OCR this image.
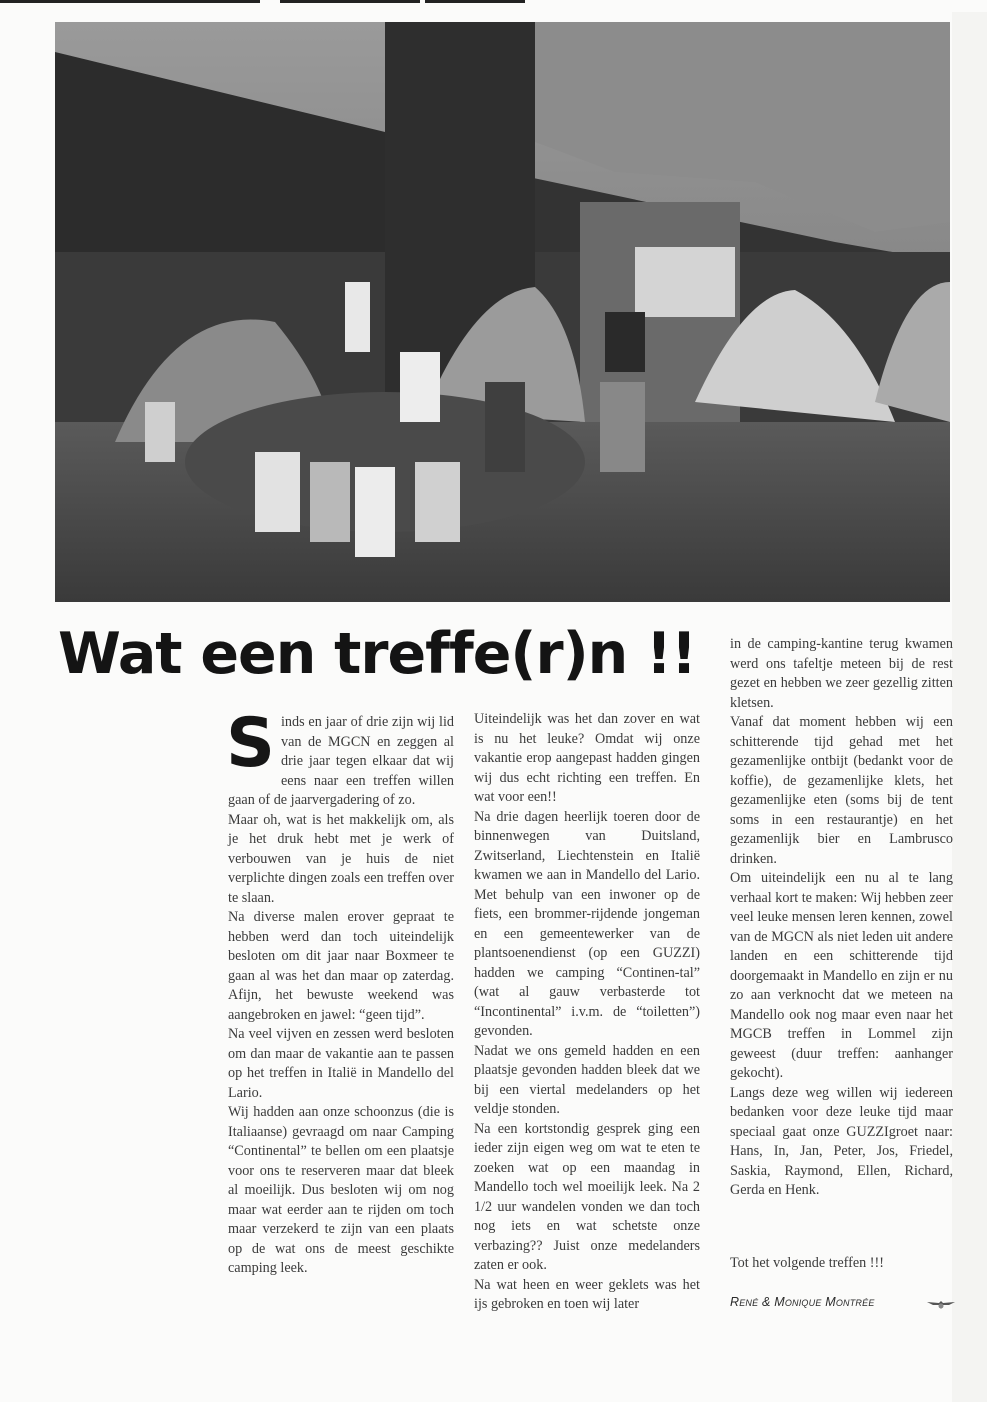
Wat een treffe(r)n !!

Sinds en jaar of drie zijn wij lid van de MGCN en zeggen al drie jaar tegen elkaar dat wij eens naar een treffen willen gaan of de jaarvergadering of zo.

Maar oh, wat is het makkelijk om, als je het druk hebt met je werk of verbouwen van je huis de niet verplichte dingen zoals een treffen over te slaan.

Na diverse malen erover gepraat te hebben werd dan toch uiteindelijk besloten om dit jaar naar Boxmeer te gaan al was het dan maar op zaterdag. Afijn, het bewuste weekend was aangebroken en jawel: “geen tijd”.

Na veel vijven en zessen werd besloten om dan maar de vakantie aan te passen op het treffen in Italië in Mandello del Lario.

Wij hadden aan onze schoonzus (die is Italiaanse) gevraagd om naar Camping “Continental” te bellen om een plaatsje voor ons te reserveren maar dat bleek al moeilijk. Dus besloten wij om nog maar wat eerder aan te rijden om toch maar verzekerd te zijn van een plaats op de wat ons de meest geschikte camping leek.

Uiteindelijk was het dan zover en wat is nu het leuke? Omdat wij onze vakantie erop aangepast hadden gingen wij dus echt richting een treffen. En wat voor een!!

Na drie dagen heerlijk toeren door de binnenwegen van Duitsland, Zwitserland, Liechtenstein en Italië kwamen we aan in Mandello del Lario. Met behulp van een inwoner op de fiets, een brommer-rijdende jongeman en een gemeentewerker van de plantsoenendienst (op een GUZZI) hadden we camping “Continen-tal” (wat al gauw verbasterde tot “Incontinental” i.v.m. de “toiletten”) gevonden.

Nadat we ons gemeld hadden en een plaatsje gevonden hadden bleek dat we bij een viertal medelanders op het veldje stonden.

Na een kortstondig gesprek ging een ieder zijn eigen weg om wat te eten te zoeken wat op een maandag in Mandello toch wel moeilijk leek. Na 2 1/2 uur wandelen vonden we dan toch nog iets en wat schetste onze verbazing?? Juist onze medelanders zaten er ook.

Na wat heen en weer geklets was het ijs gebroken en toen wij later

in de camping-kantine terug kwamen werd ons tafeltje meteen bij de rest gezet en hebben we zeer gezellig zitten kletsen.

Vanaf dat moment hebben wij een schitterende tijd gehad met het gezamenlijke ontbijt (bedankt voor de koffie), de gezamenlijke klets, het gezamenlijke eten (soms bij de tent soms in een restaurantje) en het gezamenlijk bier en Lambrusco drinken.

Om uiteindelijk een nu al te lang verhaal kort te maken: Wij hebben zeer veel leuke mensen leren kennen, zowel van de MGCN als niet leden uit andere landen en een schitterende tijd doorgemaakt in Mandello en zijn er nu zo aan verknocht dat we meteen na Mandello ook nog maar even naar het MGCB treffen in Lommel zijn geweest (duur treffen: aanhanger gekocht).

Langs deze weg willen wij iedereen bedanken voor deze leuke tijd maar speciaal gaat onze GUZZIgroet naar: Hans, In, Jan, Peter, Jos, Friedel, Saskia, Raymond, Ellen, Richard, Gerda en Henk.

Tot het volgende treffen !!!
René & Monique Montrée
